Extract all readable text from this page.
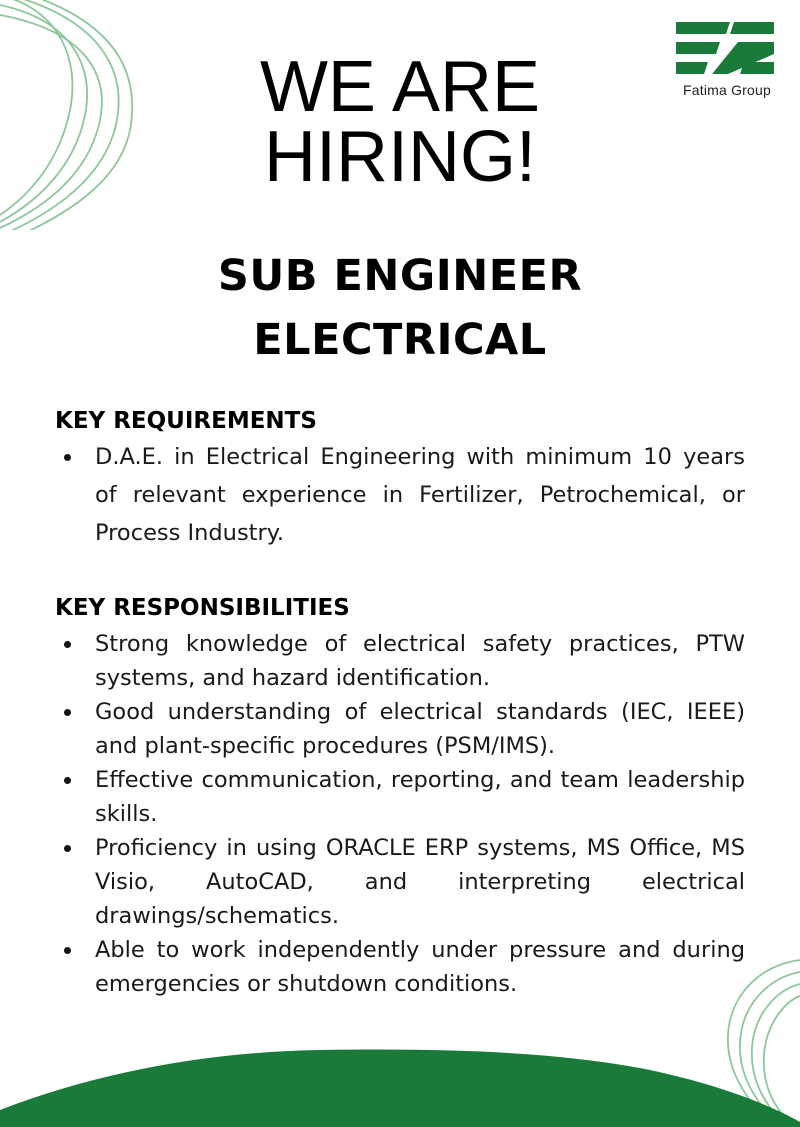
Fatima Group
WE ARE
HIRING!
SUB ENGINEER
ELECTRICAL
KEY REQUIREMENTS
D.A.E. in Electrical Engineering with minimum 10 years of relevant experience in Fertilizer, Petrochemical, or Process Industry.
KEY RESPONSIBILITIES
Strong knowledge of electrical safety practices, PTW systems, and hazard identification.
Good understanding of electrical standards (IEC, IEEE) and plant-specific procedures (PSM/IMS).
Effective communication, reporting, and team leadership skills.
Proficiency in using ORACLE ERP systems, MS Office, MS Visio, AutoCAD, and interpreting electrical drawings/schematics.
Able to work independently under pressure and during emergencies or shutdown conditions.
